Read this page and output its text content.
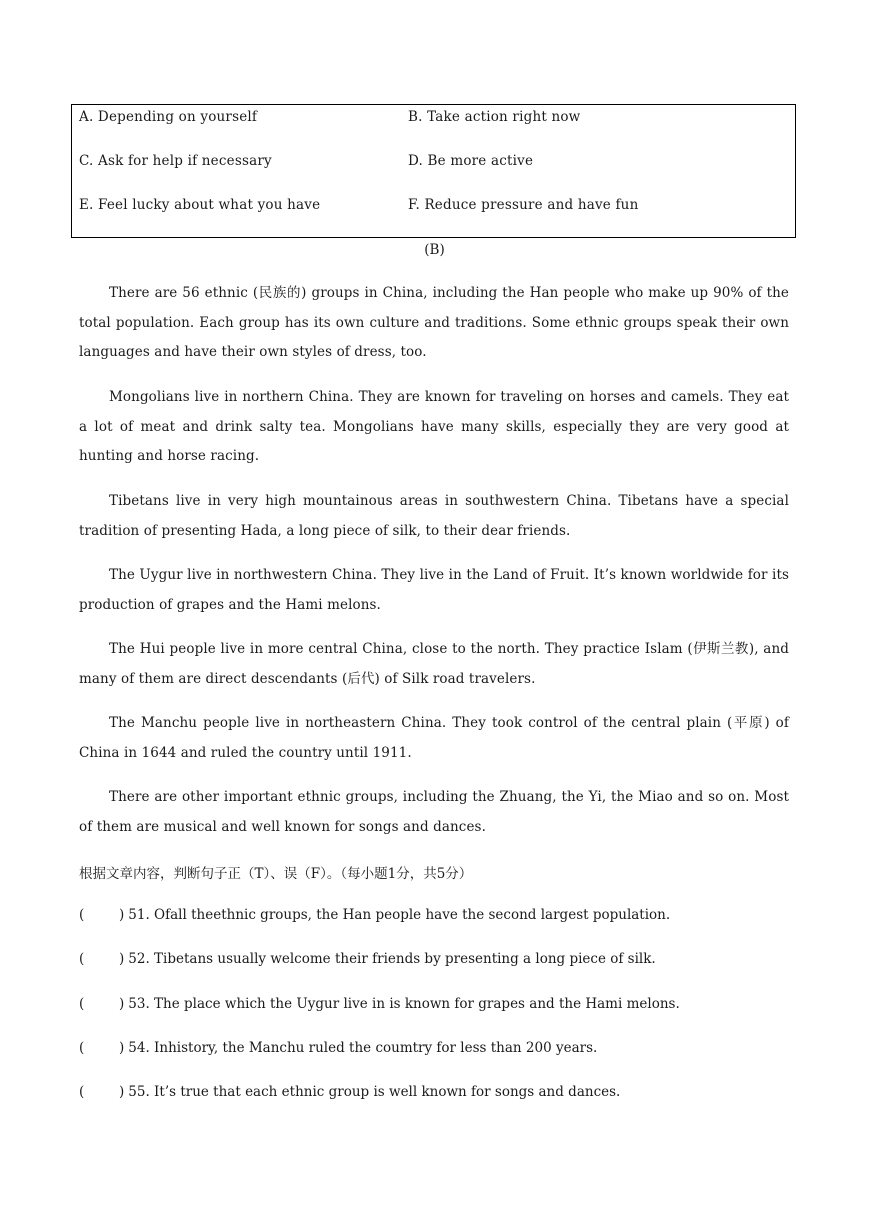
A. Depending on yourself	B. Take action right now
C. Ask for help if necessary	D. Be more active
E. Feel lucky about what you have	F. Reduce pressure and have fun
(B)

There are 56 ethnic (民族的) groups in China, including the Han people who make up 90% of the total population. Each group has its own culture and traditions. Some ethnic groups speak their own languages and have their own styles of dress, too.

Mongolians live in northern China. They are known for traveling on horses and camels. They eat a lot of meat and drink salty tea. Mongolians have many skills, especially they are very good at hunting and horse racing.

Tibetans live in very high mountainous areas in southwestern China. Tibetans have a special tradition of presenting Hada, a long piece of silk, to their dear friends.

The Uygur live in northwestern China. They live in the Land of Fruit. It’s known worldwide for its production of grapes and the Hami melons.

The Hui people live in more central China, close to the north. They practice Islam (伊斯兰教), and many of them are direct descendants (后代) of Silk road travelers.

The Manchu people live in northeastern China. They took control of the central plain (平原) of China in 1644 and ruled the country until 1911.

There are other important ethnic groups, including the Zhuang, the Yi, the Miao and so on. Most of them are musical and well known for songs and dances.

根据文章内容，判断句子正（T）、误（F）。（每小题1分，共5分）
(	) 51. Ofall theethnic groups, the Han people have the second largest population.
(	) 52. Tibetans usually welcome their friends by presenting a long piece of silk.
(	) 53. The place which the Uygur live in is known for grapes and the Hami melons.
(	) 54. Inhistory, the Manchu ruled the coumtry for less than 200 years.
(	) 55. It’s true that each ethnic group is well known for songs and dances.
